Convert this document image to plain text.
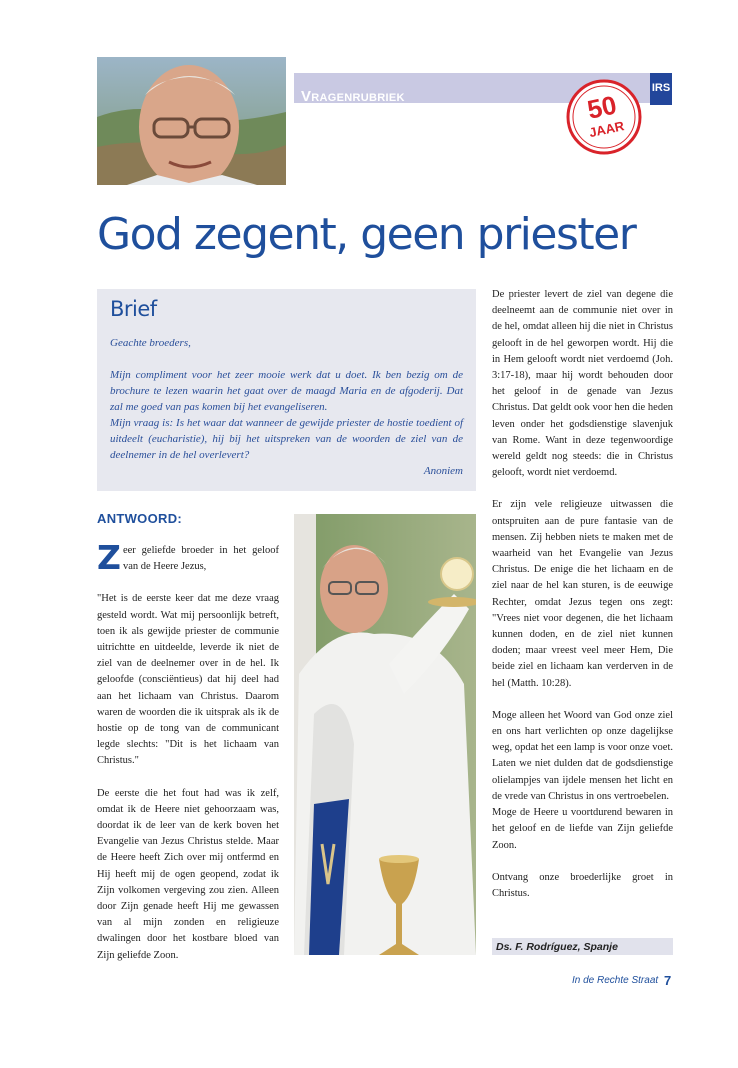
Vragenrubriek	IRS
50
JAAR
God zegent, geen priester
Brief

Geachte broeders,

Mijn compliment voor het zeer mooie werk dat u doet. Ik ben bezig om de brochure te lezen waarin het gaat over de maagd Maria en de afgoderij. Dat zal me goed van pas komen bij het evangeliseren.

Mijn vraag is: Is het waar dat wanneer de gewijde priester de hostie toedient of uitdeelt (eucharistie), hij bij het uitspreken van de woorden de ziel van de deelnemer in de hel overlevert?

Anoniem

ANTWOORD:

Zeer geliefde broeder in het geloof van de Heere Jezus,

"Het is de eerste keer dat me deze vraag gesteld wordt. Wat mij persoonlijk betreft, toen ik als gewijde priester de communie uitrichtte en uitdeelde, leverde ik niet de ziel van de deelnemer over in de hel. Ik geloofde (consciëntieus) dat hij deel had aan het lichaam van Christus. Daarom waren de woorden die ik uitsprak als ik de hostie op de tong van de communicant legde slechts: "Dit is het lichaam van Christus."

De eerste die het fout had was ik zelf, omdat ik de Heere niet gehoorzaam was, doordat ik de leer van de kerk boven het Evangelie van Jezus Christus stelde. Maar de Heere heeft Zich over mij ontfermd en Hij heeft mij de ogen geopend, zodat ik Zijn volkomen vergeving zou zien. Alleen door Zijn genade heeft Hij me gewassen van al mijn zonden en religieuze dwalingen door het kostbare bloed van Zijn geliefde Zoon.

De priester levert de ziel van degene die deelneemt aan de communie niet over in de hel, omdat alleen hij die niet in Christus gelooft in de hel geworpen wordt. Hij die in Hem gelooft wordt niet verdoemd (Joh. 3:17-18), maar hij wordt behouden door het geloof in de genade van Jezus Christus. Dat geldt ook voor hen die heden leven onder het godsdienstige slavenjuk van Rome. Want in deze tegenwoordige wereld geldt nog steeds: die in Christus gelooft, wordt niet verdoemd.

Er zijn vele religieuze uitwassen die ontspruiten aan de pure fantasie van de mensen. Zij hebben niets te maken met de waarheid van het Evangelie van Jezus Christus. De enige die het lichaam en de ziel naar de hel kan sturen, is de eeuwige Rechter, omdat Jezus tegen ons zegt: "Vrees niet voor degenen, die het lichaam kunnen doden, en de ziel niet kunnen doden; maar vreest veel meer Hem, Die beide ziel en lichaam kan verderven in de hel (Matth. 10:28).

Moge alleen het Woord van God onze ziel en ons hart verlichten op onze dagelijkse weg, opdat het een lamp is voor onze voet. Laten we niet dulden dat de godsdienstige olielampjes van ijdele mensen het licht en de vrede van Christus in ons vertroebelen.

Moge de Heere u voortdurend bewaren in het geloof en de liefde van Zijn geliefde Zoon.

Ontvang onze broederlijke groet in Christus.

Ds. F. Rodríguez, Spanje
In de Rechte Straat 7
